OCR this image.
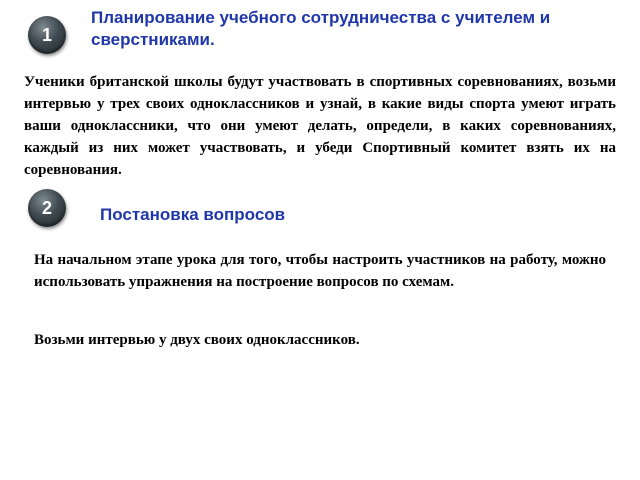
1
Планирование учебного сотрудничества с учителем и сверстниками.

Ученики британской школы будут участвовать в спортивных соревнованиях, возьми интервью у трех своих одноклассников и узнай, в какие виды спорта умеют играть ваши одноклассники, что они умеют делать, определи, в каких соревнованиях, каждый из них может участвовать, и убеди Спортивный комитет взять их на соревнования.

2	Постановка вопросов

На начальном этапе урока для того, чтобы настроить участников на работу, можно использовать упражнения на построение вопросов по схемам.

Возьми интервью у двух своих одноклассников.
